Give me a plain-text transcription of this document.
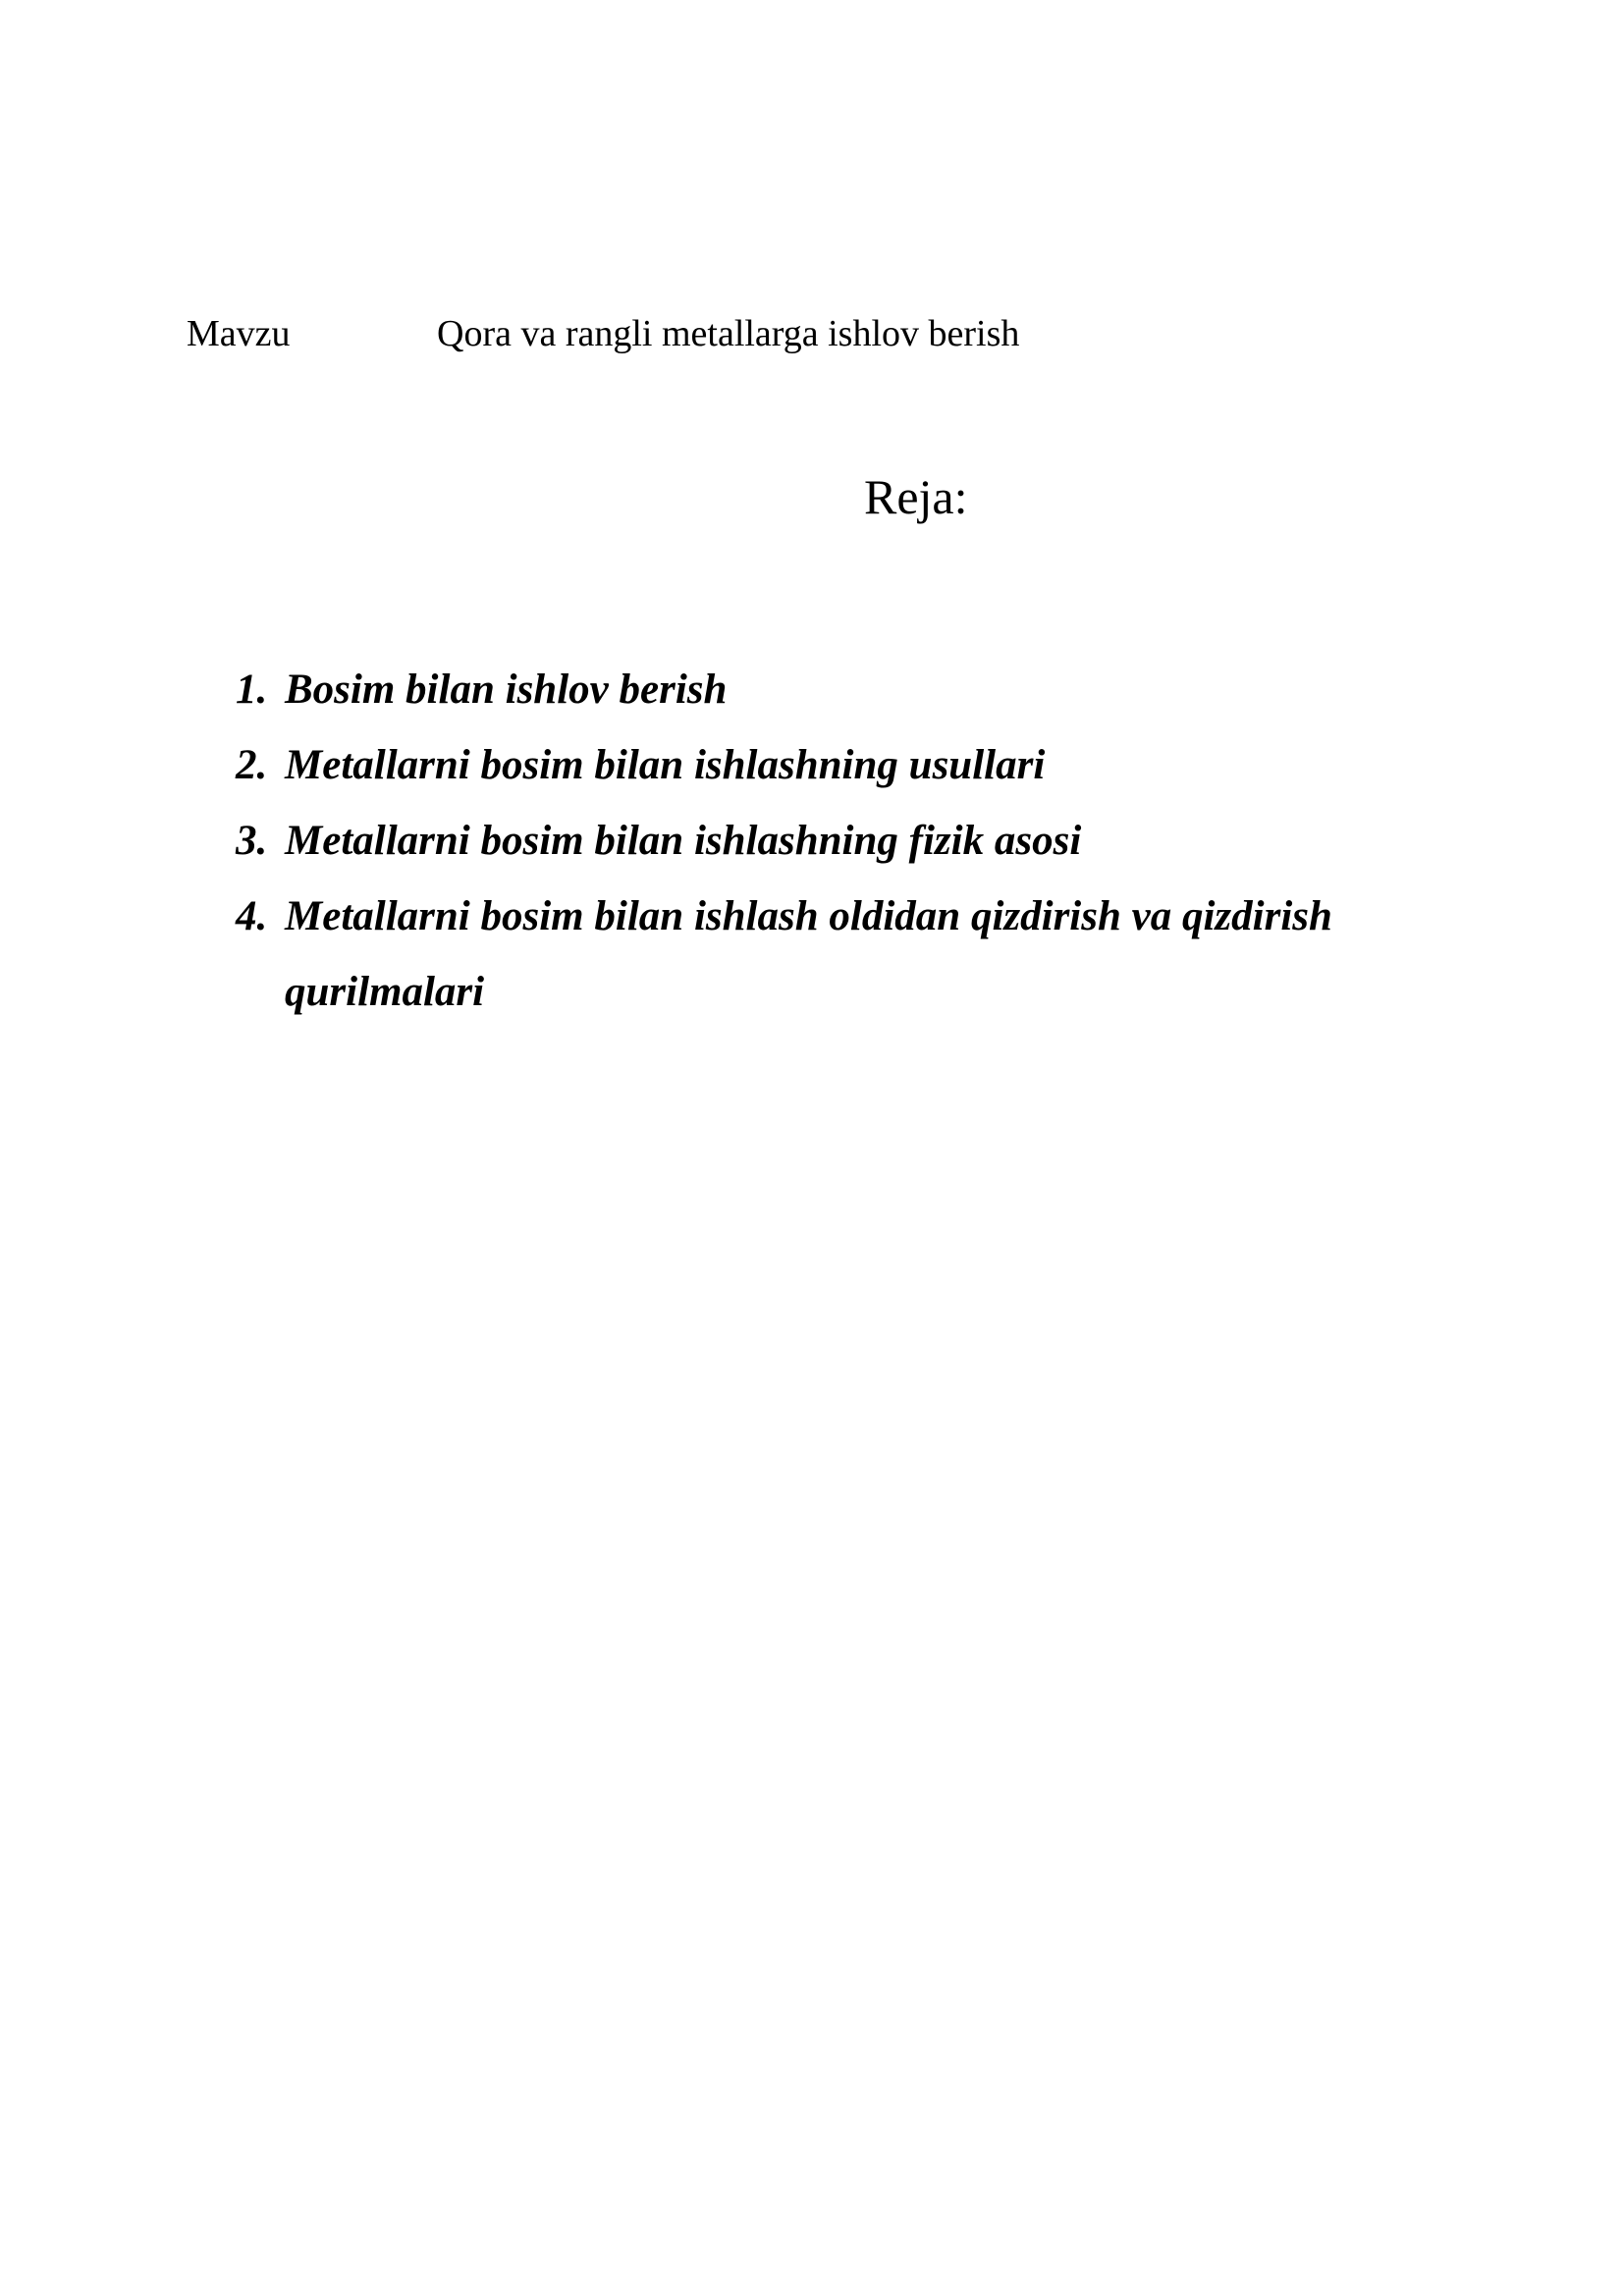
Mavzu	Qora va rangli metallarga ishlov berish
Reja:
1. Bosim bilan ishlov berish
2. Metallarni bosim bilan ishlashning usullari
3. Metallarni bosim bilan ishlashning fizik asosi
4. Metallarni bosim bilan ishlash oldidan qizdirish va qizdirish qurilmalari
